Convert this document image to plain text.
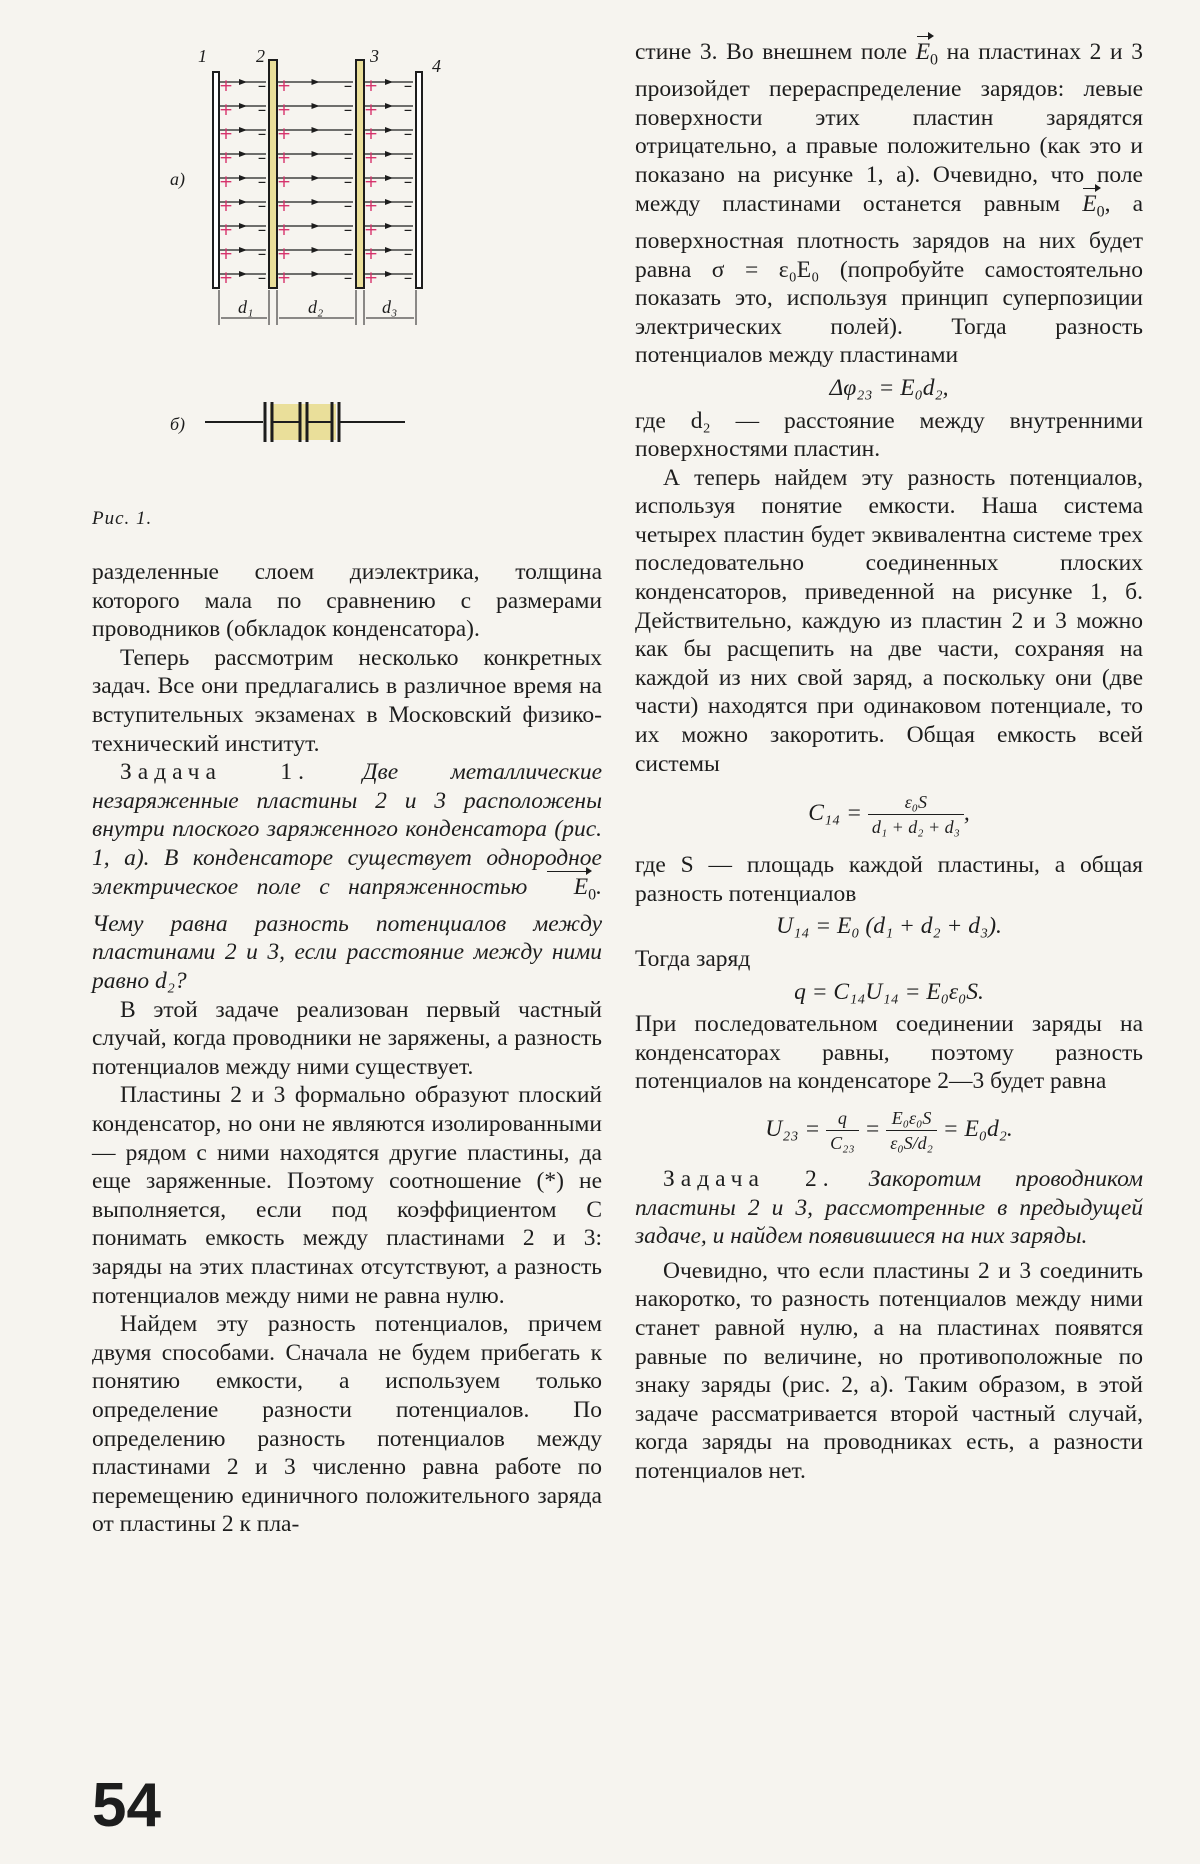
а)
б)
1	2	3	4
+ – +	– + –
+ – +	– + –
+ – +	– + –
+ – +	– + –
+ – +	– + –
+ – +	– + –
+ – +	– + –
+ – +	– + –
+ – +	– + –
d₁	d₂	d₃
Рис. 1.

разделенные слоем диэлектрика, толщина которого мала по сравнению с размерами проводников (обкладок конденсатора).

Теперь рассмотрим несколько конкретных задач. Все они предлагались в различное время на вступительных экзаменах в Московский физико-технический институт.

Задача 1. Две металлические незаряженные пластины 2 и 3 расположены внутри плоского заряженного конденсатора (рис. 1, а). В конденсаторе существует однородное электрическое поле с напряженностью $E_0$. Чему равна разность потенциалов между пластинами 2 и 3, если расстояние между ними равно d₂?

В этой задаче реализован первый частный случай, когда проводники не заряжены, а разность потенциалов между ними существует.

Пластины 2 и 3 формально образуют плоский конденсатор, но они не являются изолированными — рядом с ними находятся другие пластины, да еще заряженные. Поэтому соотношение (*) не выполняется, если под коэффициентом C понимать емкость между пластинами 2 и 3: заряды на этих пластинах отсутствуют, а разность потенциалов между ними не равна нулю.

Найдем эту разность потенциалов, причем двумя способами. Сначала не будем прибегать к понятию емкости, а используем только определение разности потенциалов. По определению разность потенциалов между пластинами 2 и 3 численно равна работе по перемещению единичного положительного заряда от пластины 2 к пла-

стине 3. Во внешнем поле $E_0$ на пластинах 2 и 3 произойдет перераспределение зарядов: левые поверхности этих пластин зарядятся отрицательно, а правые положительно (как это и показано на рисунке 1, а). Очевидно, что поле между пластинами останется равным $E_0$, а поверхностная плотность зарядов на них будет равна σ = ε₀E₀ (попробуйте самостоятельно показать это, используя принцип суперпозиции электрических полей). Тогда разность потенциалов между пластинами

Δφ₂₃ = E₀d₂,

где d₂ — расстояние между внутренними поверхностями пластин.

А теперь найдем эту разность потенциалов, используя понятие емкости. Наша система четырех пластин будет эквивалентна системе трех последовательно соединенных плоских конденсаторов, приведенной на рисунке 1, б. Действительно, каждую из пластин 2 и 3 можно как бы расщепить на две части, сохраняя на каждой из них свой заряд, а поскольку они (две части) находятся при одинаковом потенциале, то их можно закоротить. Общая емкость всей системы

$C_{14} = \frac{\text{ε₀S}}{\text{d₁ + d₂ + d₃}}$ ,

где S — площадь каждой пластины, а общая разность потенциалов

U₁₄ = E₀ (d₁ + d₂ + d₃).

Тогда заряд

q = C₁₄U₁₄ = E₀ε₀S.

При последовательном соединении заряды на конденсаторах равны, поэтому разность потенциалов на конденсаторе 2—3 будет равна

$U_{23} = \frac{q}{\text{C₂₃}} = \frac{\text{E₀ε₀S}}{\text{ε₀S/d₂}} = E_0d_2$.

Задача 2. Закоротим проводником пластины 2 и 3, рассмотренные в предыдущей задаче, и найдем появившиеся на них заряды.

Очевидно, что если пластины 2 и 3 соединить накоротко, то разность потенциалов между ними станет равной нулю, а на пластинах появятся равные по величине, но противоположные по знаку заряды (рис. 2, а). Таким образом, в этой задаче рассматривается второй частный случай, когда заряды на проводниках есть, а разности потенциалов нет.

54
